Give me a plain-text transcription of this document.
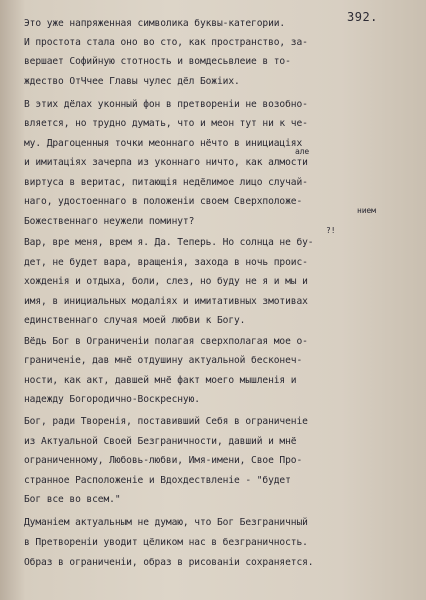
392.
Это уже напряженная символика буквы-категории.
И простота стала оно во сто, как пространство, за-
вершает Софийную стотность и вомдесьвлеие в то-
ждество ОтЧчее Главы чулес дёл Божіих.
В этих дёлах уконный фон в претвореніи не возобно-
вляется, но трудно думать, что и меон тут ни к че-
му. Драгоценныя точки меоннаго нёчто в инициаціях
и имитаціях зачерпа из уконнаго ничто, как алмости
виртуса в веритас, питающія недёлимое лицо случай-
наго, удостоеннаго в положеніи своем Сверхположе-
Божественнаго неужели поминут?
Вар, вре меня, врем я. Да. Теперь. Но солнца не бу-
дет, не будет вара, вращенія, захода в ночь проис-
хожденія и отдыха, боли, слез, но буду не я и мы и
имя, в инициальных модаліях и имитативных змотивах
единственнаго случая моей любви к Богу.
Вёдь Бог в Ограниченіи полагая сверхполагая мое о-
граниченіе, дав мнё отдушину актуальной бесконеч-
ности, как акт, давшей мнё факт моего мышленія и
надежду Богородично-Воскресную.
Бог, ради Творенія, поставивший Себя в ограниченіе
из Актуальной Своей Безграничности, давший и мнё
ограниченному, Любовь-любви, Имя-имени, Свое Про-
странное Расположеніе и Вдохдествленіе - "будет
Бог все во всем."
Думаніем актуальным не думаю, что Бог Безграничный
в Претвореніи уводит цёликом нас в безграничность.
Образ в ограниченіи, образ в рисованіи сохраняется.
але
нием
?!
